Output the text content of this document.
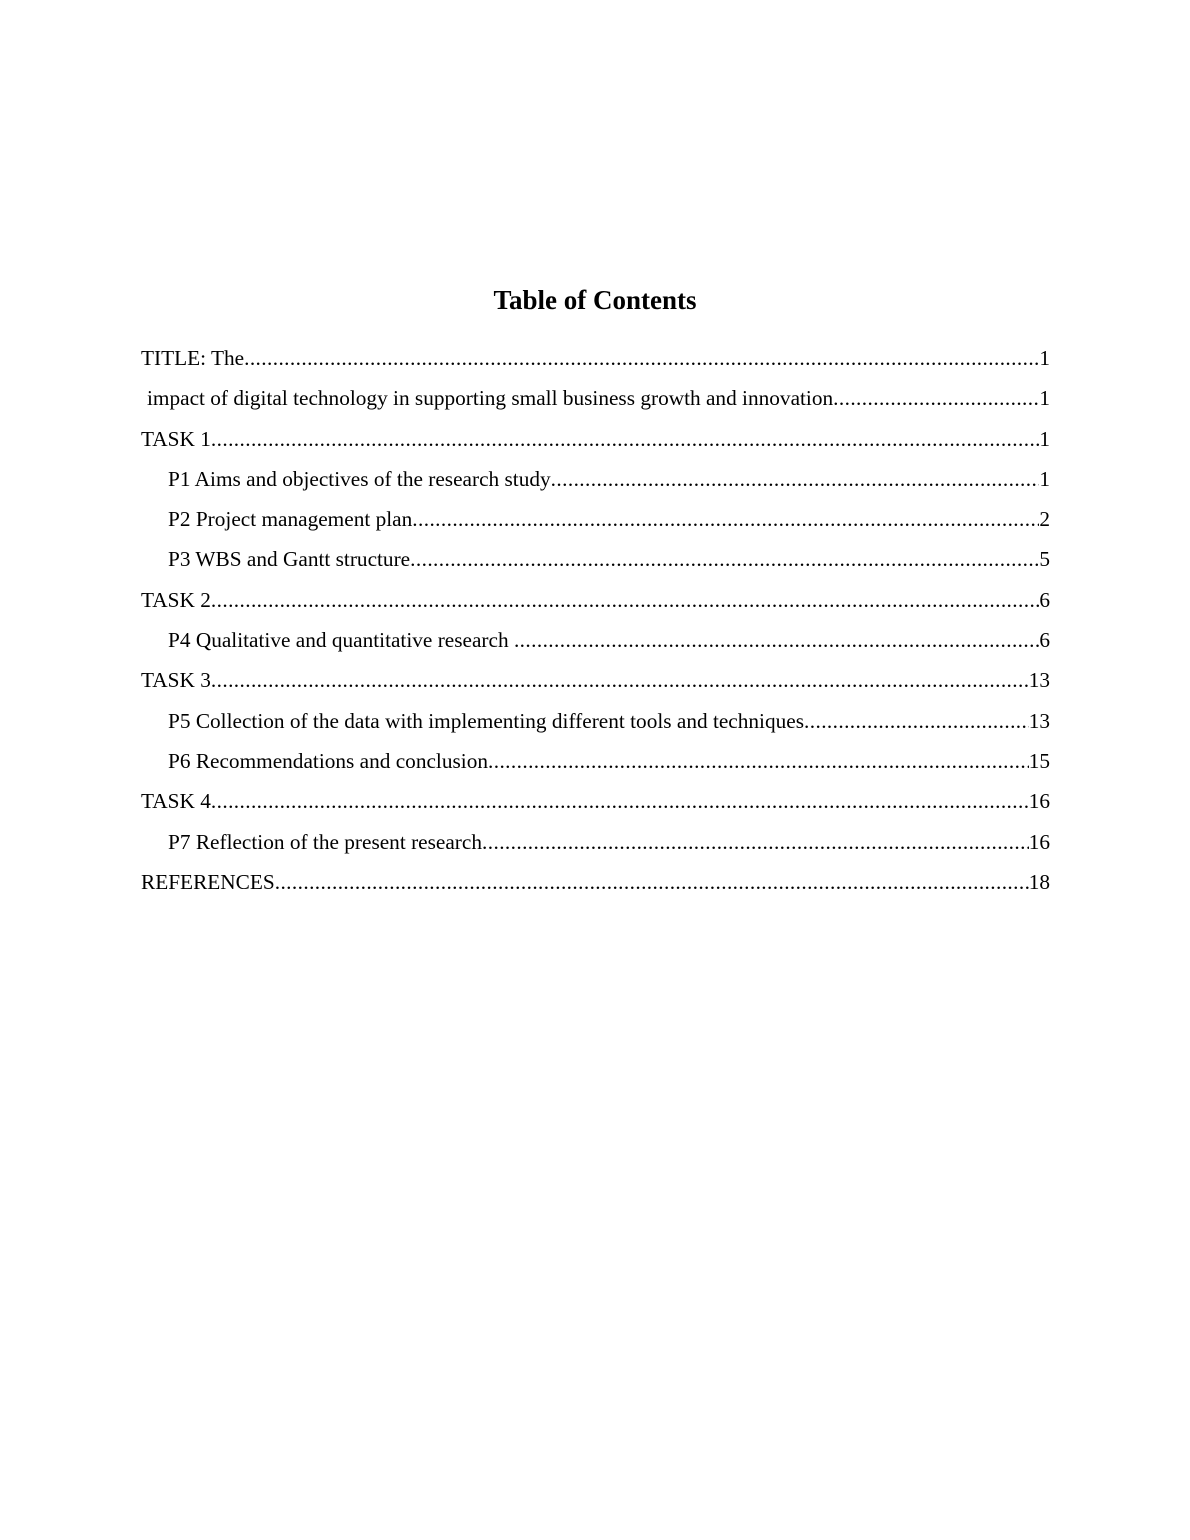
Table of Contents
TITLE: The .....	1
impact of digital technology in supporting small business growth and innovation .....	1
TASK 1 .....	1
P1 Aims and objectives of the research study .....	1
P2 Project management plan .....	2
P3 WBS and Gantt structure .....	5
TASK 2 .....	6
P4 Qualitative and quantitative research .....	6
TASK 3 .....	13
P5 Collection of the data with implementing different tools and techniques .....	13
P6 Recommendations and conclusion .....	15
TASK 4 .....	16
P7 Reflection of the present research .....	16
REFERENCES .....	18
